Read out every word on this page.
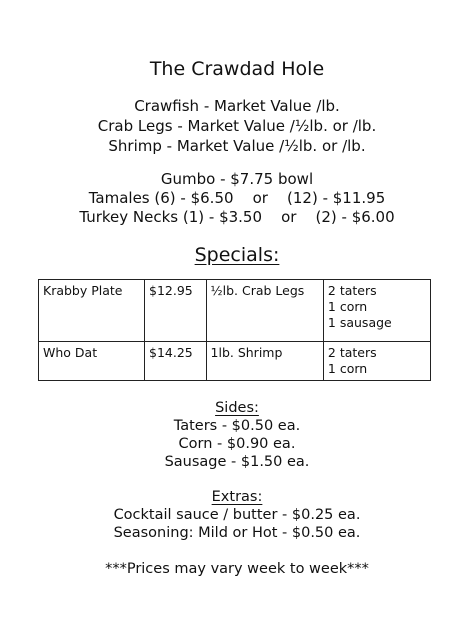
The Crawdad Hole
Crawfish - Market Value /lb.
Crab Legs - Market Value /½lb. or /lb.
Shrimp - Market Value /½lb. or /lb.
Gumbo - $7.75 bowl
Tamales (6) - $6.50    or    (12) - $11.95
Turkey Necks (1) - $3.50    or    (2) - $6.00
Specials:
Krabby Plate	$12.95	½lb. Crab Legs	2 taters
1 corn
1 sausage

Who Dat	$14.25	1lb. Shrimp	2 taters
1 corn
Sides:
Taters - $0.50 ea.
Corn - $0.90 ea.
Sausage - $1.50 ea.
Extras:
Cocktail sauce / butter - $0.25 ea.
Seasoning: Mild or Hot - $0.50 ea.
***Prices may vary week to week***
